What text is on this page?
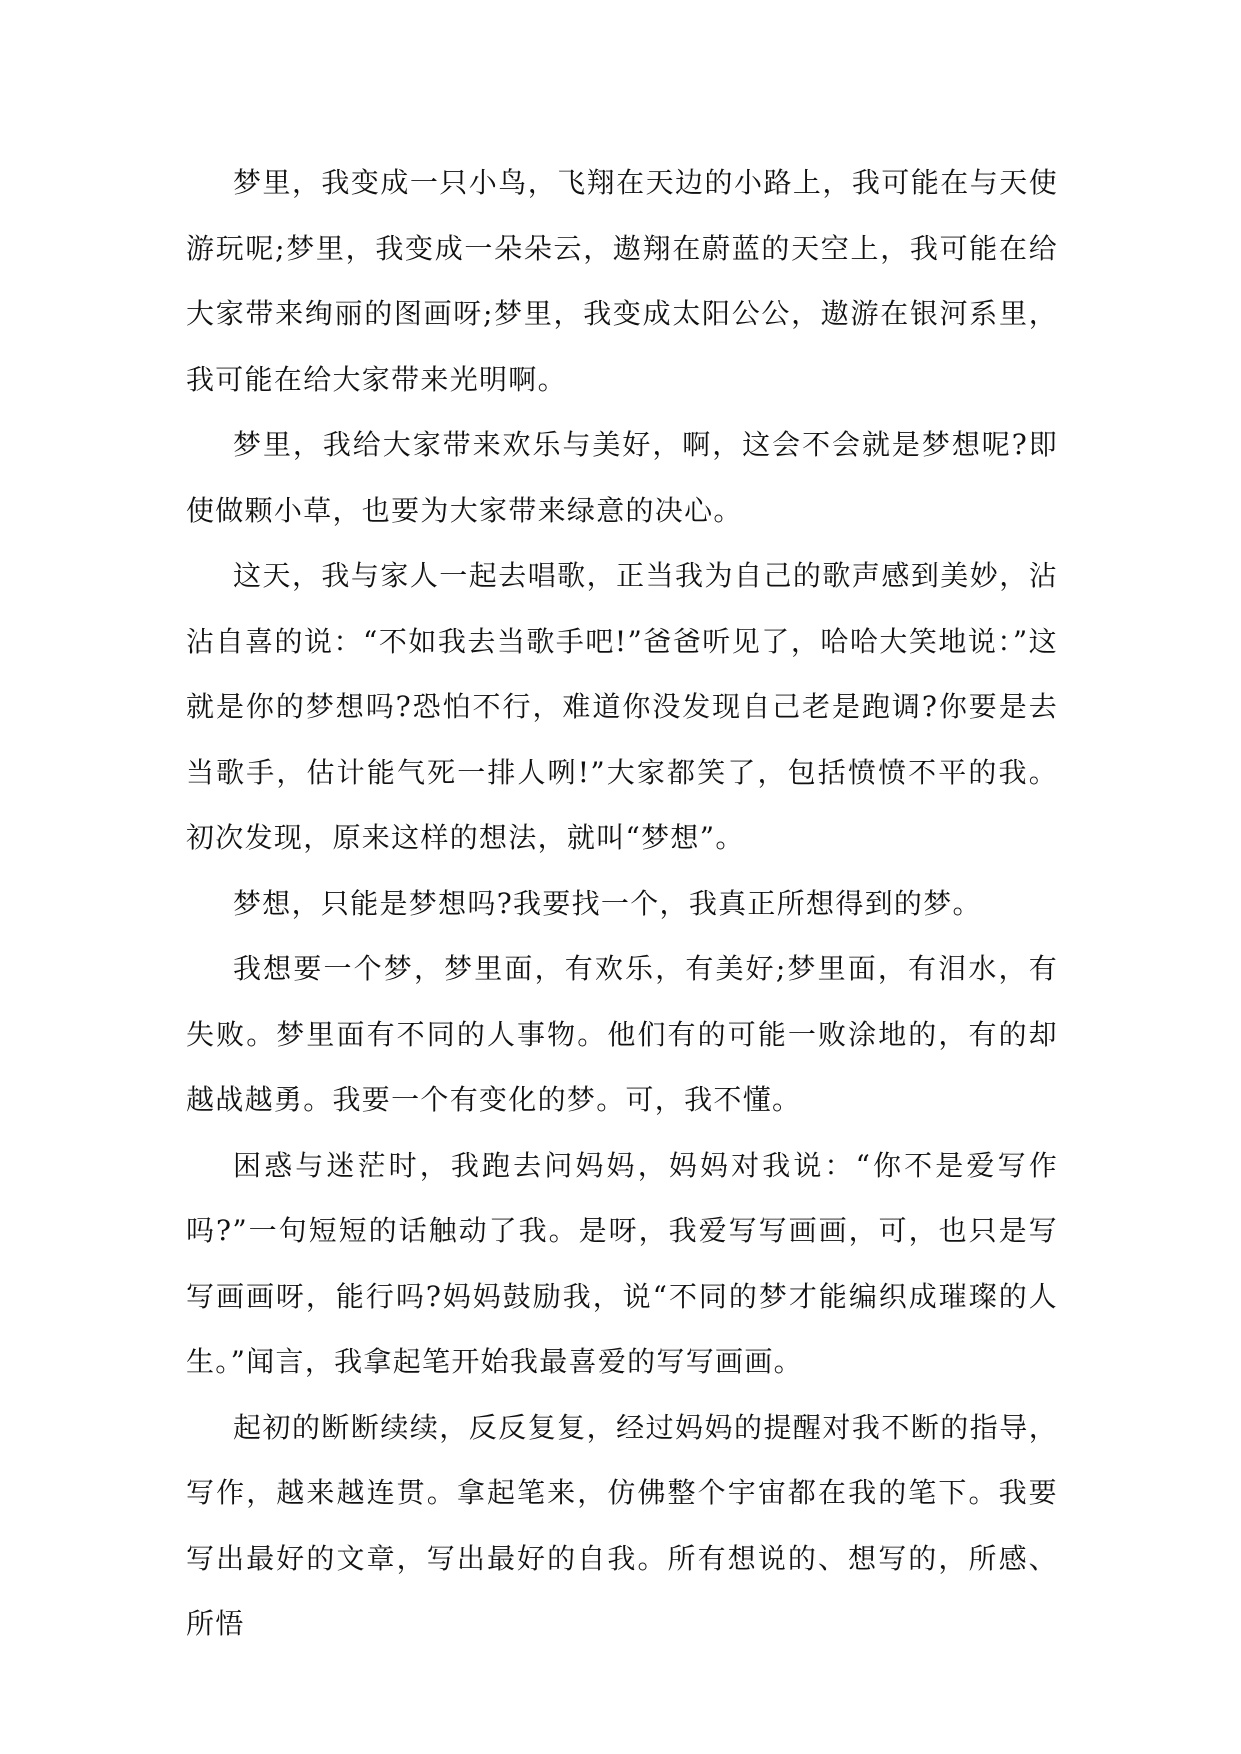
梦里，我变成一只小鸟，飞翔在天边的小路上，我可能在与天使游玩呢;梦里，我变成一朵朵云，遨翔在蔚蓝的天空上，我可能在给大家带来绚丽的图画呀;梦里，我变成太阳公公，遨游在银河系里，我可能在给大家带来光明啊。

梦里，我给大家带来欢乐与美好，啊，这会不会就是梦想呢?即使做颗小草，也要为大家带来绿意的决心。

这天，我与家人一起去唱歌，正当我为自己的歌声感到美妙，沾沾自喜的说：“不如我去当歌手吧!”爸爸听见了，哈哈大笑地说：”这就是你的梦想吗?恐怕不行，难道你没发现自己老是跑调?你要是去当歌手，估计能气死一排人咧!”大家都笑了，包括愤愤不平的我。初次发现，原来这样的想法，就叫“梦想”。

梦想，只能是梦想吗?我要找一个，我真正所想得到的梦。

我想要一个梦，梦里面，有欢乐，有美好;梦里面，有泪水，有失败。梦里面有不同的人事物。他们有的可能一败涂地的，有的却越战越勇。我要一个有变化的梦。可，我不懂。

困惑与迷茫时，我跑去问妈妈，妈妈对我说：“你不是爱写作吗?”一句短短的话触动了我。是呀，我爱写写画画，可，也只是写写画画呀，能行吗?妈妈鼓励我，说“不同的梦才能编织成璀璨的人生。”闻言，我拿起笔开始我最喜爱的写写画画。

起初的断断续续，反反复复，经过妈妈的提醒对我不断的指导，写作，越来越连贯。拿起笔来，仿佛整个宇宙都在我的笔下。我要写出最好的文章，写出最好的自我。所有想说的、想写的，所感、所悟
